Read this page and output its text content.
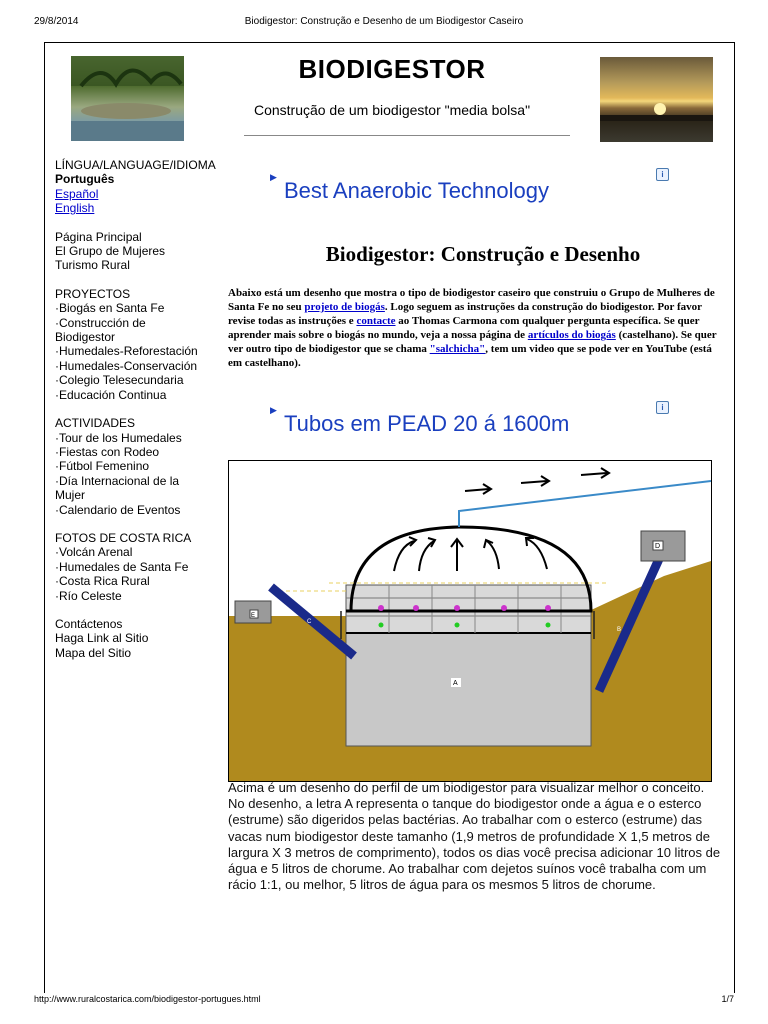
29/8/2014	Biodigestor: Construção e Desenho de um Biodigestor Caseiro
BIODIGESTOR
Construção de um biodigestor "media bolsa"
LÍNGUA/LANGUAGE/IDIOMA
Português
Español
English
Página Principal
El Grupo de Mujeres
Turismo Rural
PROYECTOS
·Biogás en Santa Fe
·Construcción de
Biodigestor
·Humedales-Reforestación
·Humedales-Conservación
·Colegio Telesecundaria
·Educación Continua
ACTIVIDADES
·Tour de los Humedales
·Fiestas con Rodeo
·Fútbol Femenino
·Día Internacional de la
Mujer
·Calendario de Eventos
FOTOS DE COSTA RICA
·Volcán Arenal
·Humedales de Santa Fe
·Costa Rica Rural
·Río Celeste
Contáctenos
Haga Link al Sitio
Mapa del Sitio
▶
Best Anaerobic Technology
i
Biodigestor: Construção e Desenho
Abaixo está um desenho que mostra o tipo de biodigestor caseiro que construiu o Grupo de Mulheres de Santa Fe no seu projeto de biogás. Logo seguem as instruções da construção do biodigestor. Por favor revise todas as instruções e contacte ao Thomas Carmona com qualquer pergunta específica. Se quer aprender mais sobre o biogás no mundo, veja a nossa página de artículos do biogás (castelhano). Se quer ver outro tipo de biodigestor que se chama "salchicha", tem um video que se pode ver en YouTube (está em castelhano).
▶
Tubos em PEAD 20 á 1600m
i
E
D
A
C
B
Acima é um desenho do perfil de um biodigestor para visualizar melhor o conceito. No desenho, a letra A representa o tanque do biodigestor onde a água e o esterco (estrume) são digeridos pelas bactérias. Ao trabalhar com o esterco (estrume) das vacas num biodigestor deste tamanho (1,9 metros de profundidade X 1,5 metros de largura X 3 metros de comprimento), todos os dias você precisa adicionar 10 litros de água e 5 litros de chorume. Ao trabalhar com dejetos suínos você trabalha com um rácio 1:1, ou melhor, 5 litros de água para os mesmos 5 litros de chorume.
http://www.ruralcostarica.com/biodigestor-portugues.html	1/7
